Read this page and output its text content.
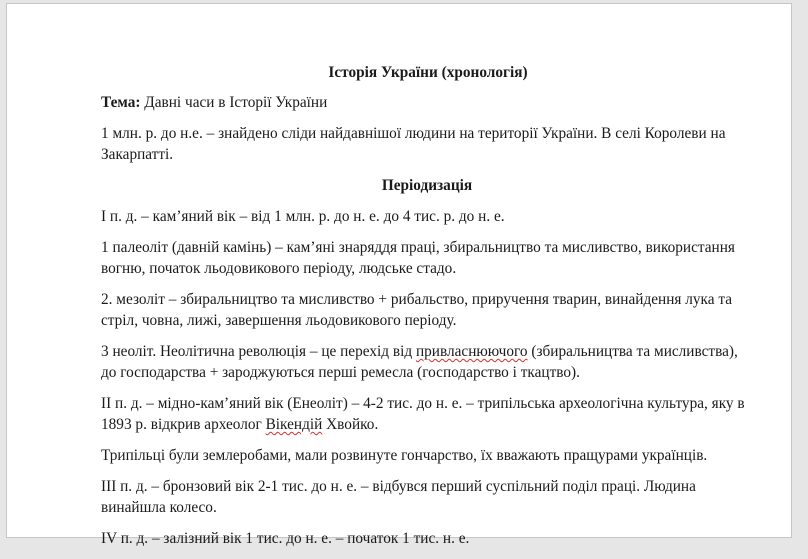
Історія України (хронологія)

Тема: Давні часи в Історії України

1 млн. р. до н.е. – знайдено сліди найдавнішої людини на території України. В селі Королеви на Закарпатті.

Періодизація

I п. д. – кам’яний вік – від 1 млн. р. до н. е. до 4 тис. р. до н. е.

1 палеоліт (давній камінь) – кам’яні знаряддя праці, збиральництво та мисливство, використання вогню, початок льодовикового періоду, людське стадо.

2. мезоліт – збиральництво та мисливство + рибальство, приручення тварин, винайдення лука та стріл, човна, лижі, завершення льодовикового періоду.

3 неоліт. Неолітична революція – це перехід від привласнюючого (збиральництва та мисливства), до господарства + зароджуються перші ремесла (господарство і ткацтво).

II п. д. – мідно-кам’яний вік (Енеоліт) – 4-2 тис. до н. е. – трипільська археологічна культура, яку в 1893 р. відкрив археолог Вікендій Хвойко.

Трипільці були землеробами, мали розвинуте гончарство, їх вважають пращурами українців.

III п. д. – бронзовий вік 2-1 тис. до н. е. – відбувся перший суспільний поділ праці. Людина винайшла колесо.

IV п. д. – залізний вік 1 тис. до н. е. – початок 1 тис. н. е.
